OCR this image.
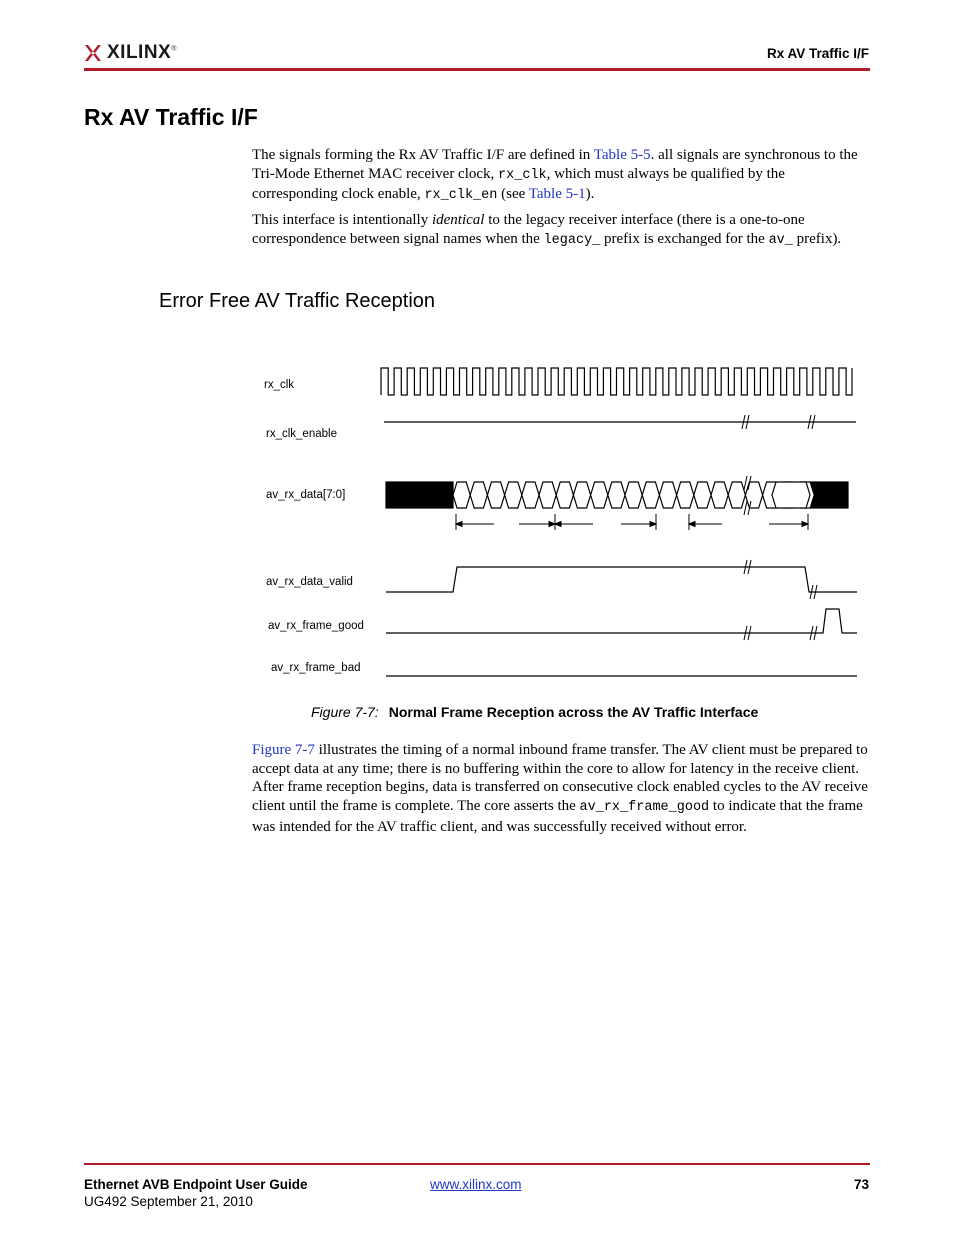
XILINX®	Rx AV Traffic I/F
Rx AV Traffic I/F

The signals forming the Rx AV Traffic I/F are defined in Table 5-5. all signals are synchronous to the Tri-Mode Ethernet MAC receiver clock, rx_clk, which must always be qualified by the corresponding clock enable, rx_clk_en (see Table 5-1).

This interface is intentionally identical to the legacy receiver interface (there is a one-to-one correspondence between signal names when the legacy_ prefix is exchanged for the av_ prefix).

Error Free AV Traffic Reception
rx_clk
rx_clk_enable
av_rx_data[7:0]
av_rx_data_valid
av_rx_frame_good
av_rx_frame_bad
Figure 7-7: Normal Frame Reception across the AV Traffic Interface

Figure 7-7 illustrates the timing of a normal inbound frame transfer. The AV client must be prepared to accept data at any time; there is no buffering within the core to allow for latency in the receive client. After frame reception begins, data is transferred on consecutive clock enabled cycles to the AV receive client until the frame is complete. The core asserts the av_rx_frame_good to indicate that the frame was intended for the AV traffic client, and was successfully received without error.

Ethernet AVB Endpoint User Guide
UG492 September 21, 2010
www.xilinx.com	73
